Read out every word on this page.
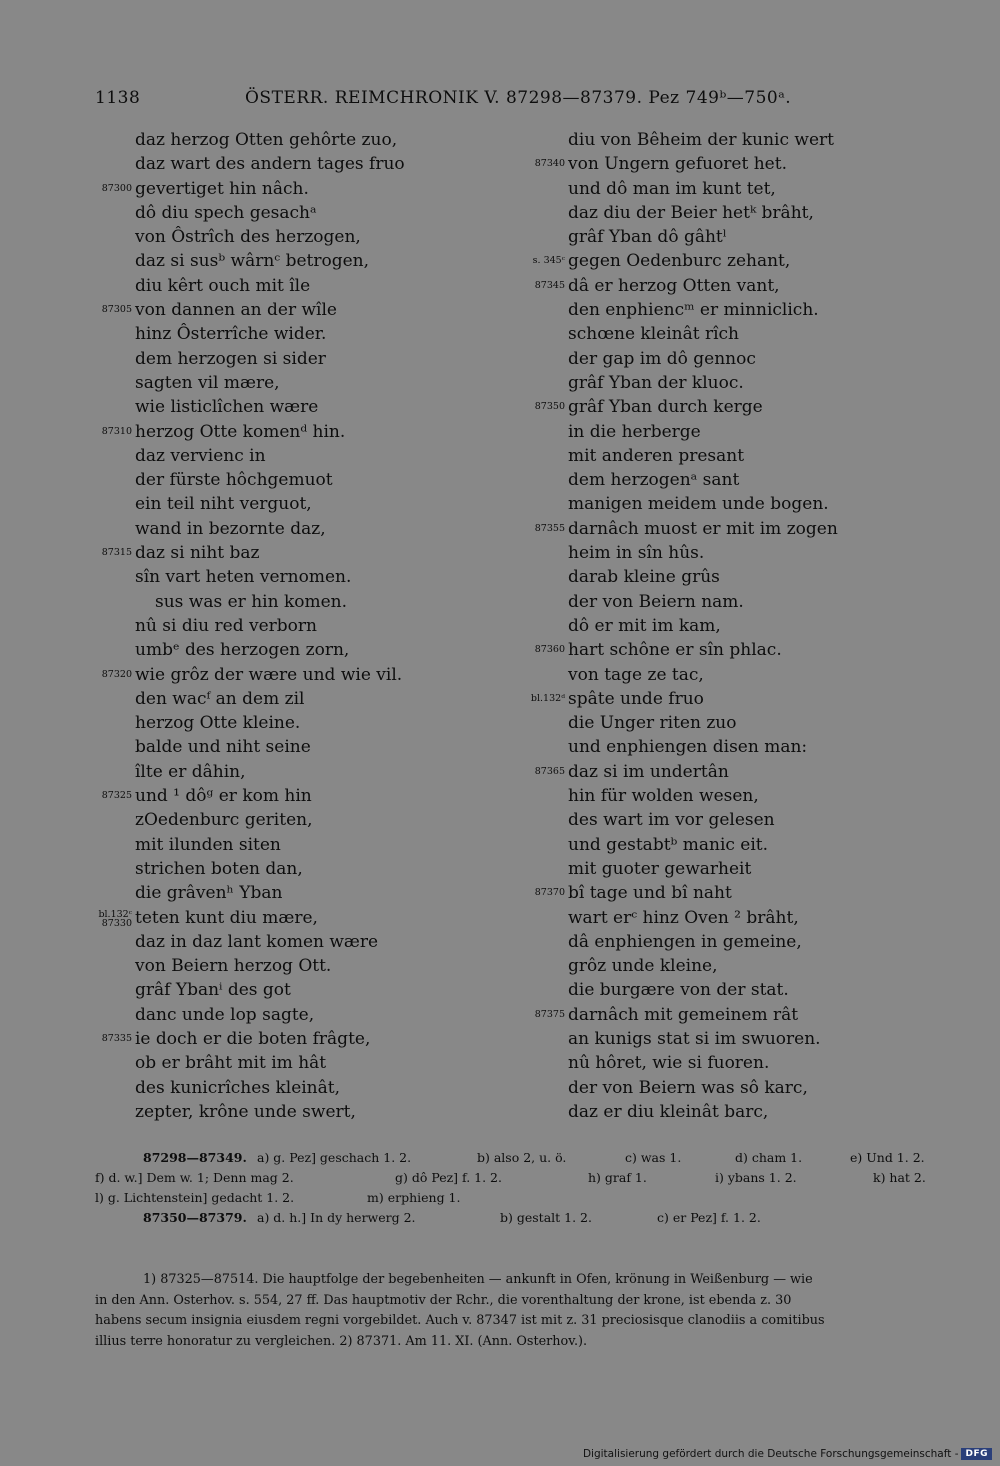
1138	ÖSTERR. REIMCHRONIK V. 87298—87379. Pez 749ᵇ—750ᵃ.
daz herzog Otten gehôrte zuo,
daz wart des andern tages fruo
87300 gevertiget hin nâch.
dô diu spech gesachᵃ
von Ôstrîch des herzogen,
daz si susᵇ wârnᶜ betrogen,
diu kêrt ouch mit île
87305 von dannen an der wîle
hinz Ôsterrîche wider.
dem herzogen si sider
sagten vil mære,
wie listiclîchen wære
87310 herzog Otte komenᵈ hin.
daz vervienc in
der fürste hôchgemuot
ein teil niht verguot,
wand in bezornte daz,
87315 daz si niht baz
sîn vart heten vernomen.
sus was er hin komen.
nû si diu red verborn
umbᵉ des herzogen zorn,
87320 wie grôz der wære und wie vil.
den wacᶠ an dem zil
herzog Otte kleine.
balde und niht seine
îlte er dâhin,
87325 und ¹ dôᵍ er kom hin
zOedenburc geriten,
mit ilunden siten
strichen boten dan,
die grâvenʰ Yban
bl.132ᶜ
87330 teten kunt diu mære,
daz in daz lant komen wære
von Beiern herzog Ott.
grâf Ybanⁱ des got
danc unde lop sagte,
87335 ie doch er die boten frâgte,
ob er brâht mit im hât
des kunicrîches kleinât,
zepter, krône unde swert,
diu von Bêheim der kunic wert
87340 von Ungern gefuoret het.
und dô man im kunt tet,
daz diu der Beier hetᵏ brâht,
grâf Yban dô gâhtˡ
s. 345ᶜ gegen Oedenburc zehant,
87345 dâ er herzog Otten vant,
den enphiencᵐ er minniclich.
schœne kleinât rîch
der gap im dô gennoc
grâf Yban der kluoc.
87350 grâf Yban durch kerge
in die herberge
mit anderen presant
dem herzogenᵃ sant
manigen meidem unde bogen.
87355 darnâch muost er mit im zogen
heim in sîn hûs.
darab kleine grûs
der von Beiern nam.
dô er mit im kam,
87360 hart schône er sîn phlac.
von tage ze tac,
bl.132ᵈ spâte unde fruo
die Unger riten zuo
und enphiengen disen man:
87365 daz si im undertân
hin für wolden wesen,
des wart im vor gelesen
und gestabtᵇ manic eit.
mit guoter gewarheit
87370 bî tage und bî naht
wart erᶜ hinz Oven ² brâht,
dâ enphiengen in gemeine,
grôz unde kleine,
die burgære von der stat.
87375 darnâch mit gemeinem rât
an kunigs stat si im swuoren.
nû hôret, wie si fuoren.
der von Beiern was sô karc,
daz er diu kleinât barc,
87298—87349. a) g. Pez] geschach 1. 2.	b) also 2, u. ö.	c) was 1.	d) cham 1.	e) Und 1. 2.
f) d. w.] Dem w. 1; Denn mag 2.	g) dô Pez] f. 1. 2.	h) graf 1.	i) ybans 1. 2.	k) hat 2.
l) g. Lichtenstein] gedacht 1. 2.	m) erphieng 1.
87350—87379. a) d. h.] In dy herwerg 2.	b) gestalt 1. 2.	c) er Pez] f. 1. 2.
1) 87325—87514. Die hauptfolge der begebenheiten — ankunft in Ofen, krönung in Weißenburg — wie
in den Ann. Osterhov. s. 554, 27 ff. Das hauptmotiv der Rchr., die vorenthaltung der krone, ist ebenda z. 30
habens secum insignia eiusdem regni vorgebildet. Auch v. 87347 ist mit z. 31 preciosisque clanodiis a comitibus
illius terre honoratur zu vergleichen. 2) 87371. Am 11. XI. (Ann. Osterhov.).
Digitalisierung gefördert durch die Deutsche Forschungsgemeinschaft - DFG
